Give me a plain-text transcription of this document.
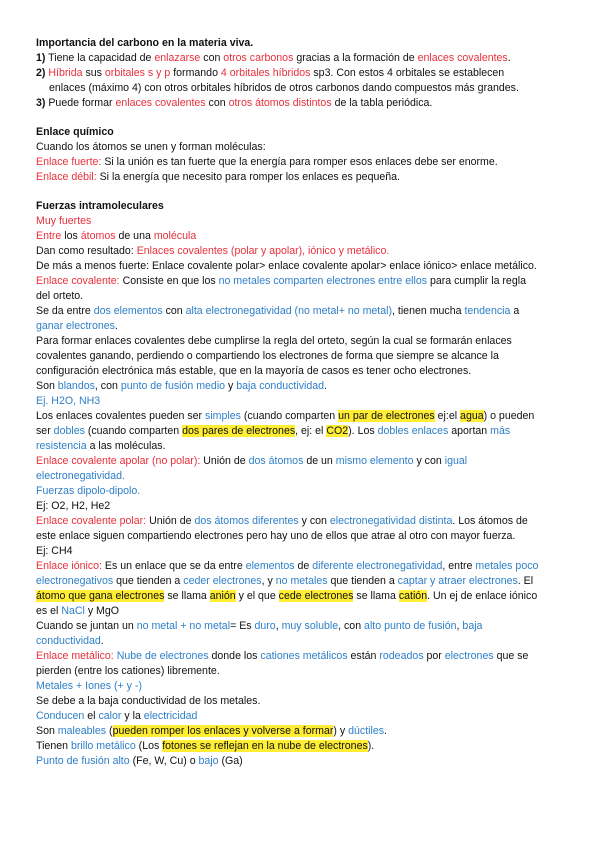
Importancia del carbono en la materia viva.
1) Tiene la capacidad de enlazarse con otros carbonos gracias a la formación de enlaces covalentes.
2) Híbrida sus orbitales s y p formando 4 orbitales híbridos sp3. Con estos 4 orbitales se establecen
enlaces (máximo 4) con otros orbitales híbridos de otros carbonos dando compuestos más grandes.
3) Puede formar enlaces covalentes con otros átomos distintos de la tabla periódica.
Enlace químico
Cuando los átomos se unen y forman moléculas:
Enlace fuerte: Si la unión es tan fuerte que la energía para romper esos enlaces debe ser enorme.
Enlace débil: Si la energía que necesito para romper los enlaces es pequeña.
Fuerzas intramoleculares
Muy fuertes
Entre los átomos de una molécula
Dan como resultado: Enlaces covalentes (polar y apolar), iónico y metálico.
De más a menos fuerte: Enlace covalente polar> enlace covalente apolar> enlace iónico> enlace metálico.
Enlace covalente: Consiste en que los no metales comparten electrones entre ellos para cumplir la regla
del orteto.
Se da entre dos elementos con alta electronegatividad (no metal+ no metal), tienen mucha tendencia a
ganar electrones.
Para formar enlaces covalentes debe cumplirse la regla del orteto, según la cual se formarán enlaces
covalentes ganando, perdiendo o compartiendo los electrones de forma que siempre se alcance la
configuración electrónica más estable, que en la mayoría de casos es tener ocho electrones.
Son blandos, con punto de fusión medio y baja conductividad.
Ej. H2O, NH3
Los enlaces covalentes pueden ser simples (cuando comparten un par de electrones ej:el agua) o pueden
ser dobles (cuando comparten dos pares de electrones, ej: el CO2). Los dobles enlaces aportan más
resistencia a las moléculas.
Enlace covalente apolar (no polar): Unión de dos átomos de un mismo elemento y con igual
electronegatividad.
Fuerzas dipolo-dipolo.
Ej: O2, H2, He2
Enlace covalente polar: Unión de dos átomos diferentes y con electronegatividad distinta. Los átomos de
este enlace siguen compartiendo electrones pero hay uno de ellos que atrae al otro con mayor fuerza.
Ej: CH4
Enlace iónico: Es un enlace que se da entre elementos de diferente electronegatividad, entre metales poco
electronegativos que tienden a ceder electrones, y no metales que tienden a captar y atraer electrones. El
átomo que gana electrones se llama anión y el que cede electrones se llama catión. Un ej de enlace iónico
es el NaCl y MgO
Cuando se juntan un no metal + no metal= Es duro, muy soluble, con alto punto de fusión, baja
conductividad.
Enlace metálico: Nube de electrones donde los cationes metálicos están rodeados por electrones que se
pierden (entre los cationes) libremente.
Metales + Iones (+ y -)
Se debe a la baja conductividad de los metales.
Conducen el calor y la electricidad
Son maleables (pueden romper los enlaces y volverse a formar) y dúctiles.
Tienen brillo metálico (Los fotones se reflejan en la nube de electrones).
Punto de fusión alto (Fe, W, Cu) o bajo (Ga)
